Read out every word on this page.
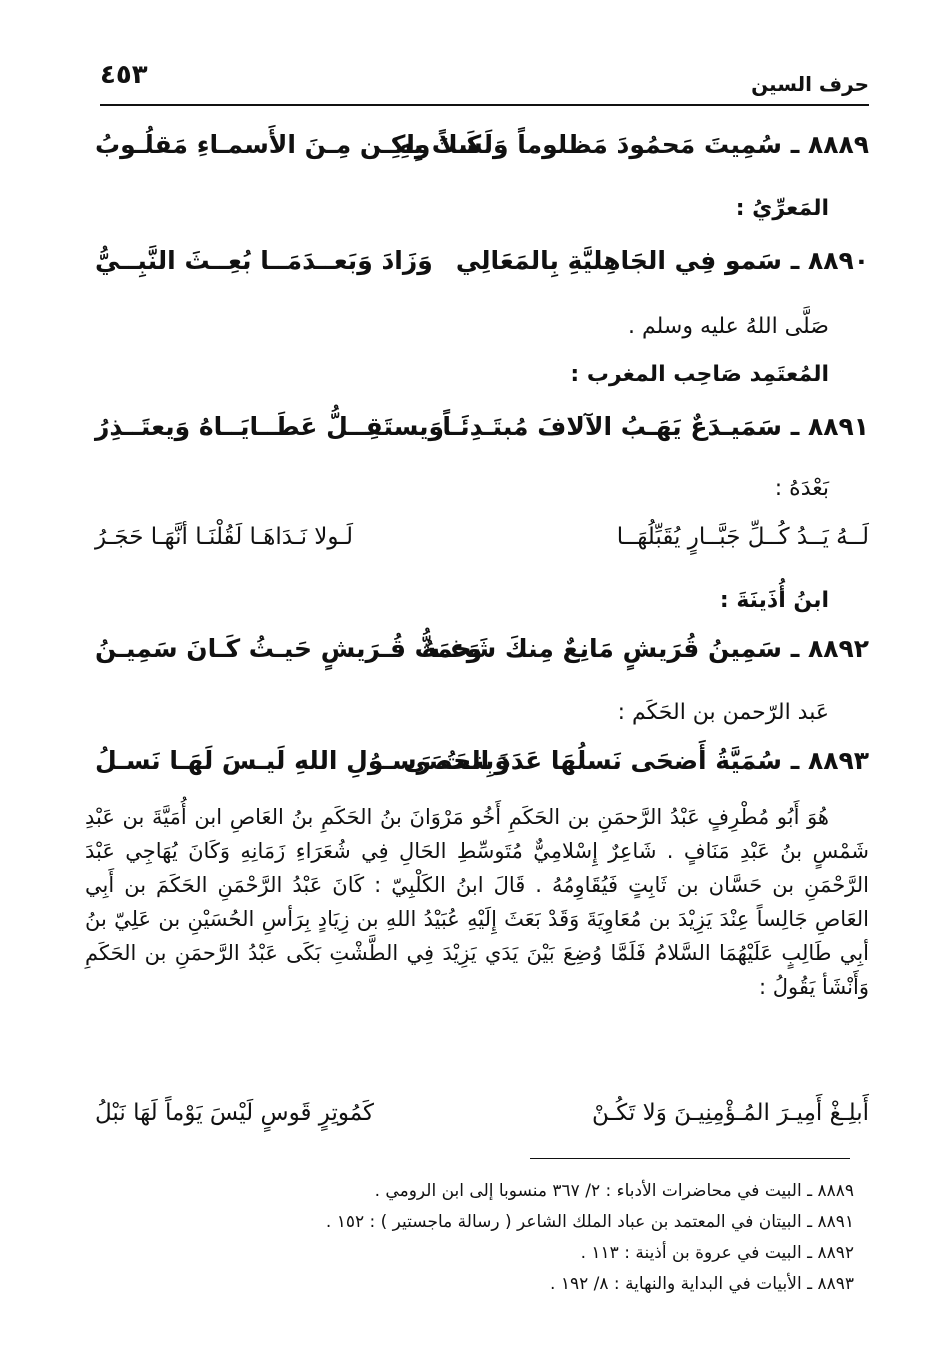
٤٥٣	حرف السين
٨٨٨٩ ـ سُمِيتَ مَحمُودَ مَظلوماً وَلَستَ بِهِ
كَـلاً ولكِـن مِـنَ الأَسمـاءِ مَقلُـوبُ
المَعرِّيُ :
٨٨٩٠ ـ سَمو فِي الجَاهِليَّةِ بِالمَعَالِي
وَزَادَ وَبَعــدَمَــا بُعِــثَ النَّبِــيُّ
صَلَّى اللهُ عليه وسلم .
المُعتَمِد صَاحِب المغرب :
٨٨٩١ ـ سَمَيـدَعٌ يَهَـبُ الآلافَ مُبتَـدِئَـاً
وَيستَقِــلُّ عَطَــايَــاهُ وَيعتَــذِرُ
بَعْدَهُ :
لَــهُ يَــدُ كُــلِّ جَبَّــارٍ يُقَبِّلُهَــا
لَـولا نَـدَاهَـا لَقُلْنَـا أنَّهَـا حَجَـرُ
ابنُ أُذَينَةَ :
٨٨٩٢ ـ سَمِينُ قُرَيشٍ مَانِعٌ مِنكَ شَحمَهُ
وَغـثُّ قُـرَيشٍ حَيـثُ كَـانَ سَمِيـنُ
عَبد الرّحمن بن الحَكَم :
٨٨٩٣ ـ سُمَيَّةُ أَضحَى نَسلُهَا عَدَدَ الحَصَى
وَبِنـتُ رَسـوُلِ اللهِ لَيـسَ لَهَـا نَسـلُ

هُوَ أَبُو مُطْرِفٍ عَبْدُ الرَّحمَنِ بن الحَكَمِ أَخُو مَرْوَانَ بنُ الحَكَمِ بنُ العَاصِ ابن أُمَيَّةَ بن عَبْدِ شَمْسٍ بنُ عَبْدِ مَنَافٍ . شَاعِرٌ إِسْلامِيٌّ مُتَوسِّطِ الحَالِ فِي شُعَرَاءِ زَمَانِهِ وَكَانَ يُهَاجِي عَبْدَ الرَّحْمَنِ بن حَسَّان بن ثَابِتٍ فَيُقَاوِمُهُ . قَالَ ابنُ الكَلْبِيّ : كَانَ عَبْدُ الرَّحْمَنِ الحَكَمَ بن أَبِي العَاصِ جَالِساً عِنْدَ يَزِيْدَ بن مُعَاوِيَةَ وَقَدْ بَعَثَ إِلَيْهِ عُبَيْدُ اللهِ بن زِيَادٍ بِرَأسِ الحُسَيْنِ بن عَلِيّ بنُ أبِي طَالِبٍ عَلَيْهُمَا السَّلامُ فَلَمَّا وُضِعَ بَيْنَ يَدَي يَزِيْدَ فِي الطَّشْتِ بَكَى عَبْدُ الرَّحمَنِ بن الحَكَمِ وَأَنْشَأ يَقُولُ :

أَبلِـغْ أَمِيـرَ المُـؤْمِنِيـنَ وَلا تَكُـنْ
كَمُوتِرٍ قَوسٍ لَيْسَ يَوْماً لَهَا نَبْلُ
٨٨٨٩ ـ البيت في محاضرات الأدباء : ٢/ ٣٦٧ منسوبا إلى ابن الرومي .
٨٨٩١ ـ البيتان في المعتمد بن عباد الملك الشاعر ( رسالة ماجستير ) : ١٥٢ .
٨٨٩٢ ـ البيت في عروة بن أذينة : ١١٣ .
٨٨٩٣ ـ الأبيات في البداية والنهاية : ٨/ ١٩٢ .
